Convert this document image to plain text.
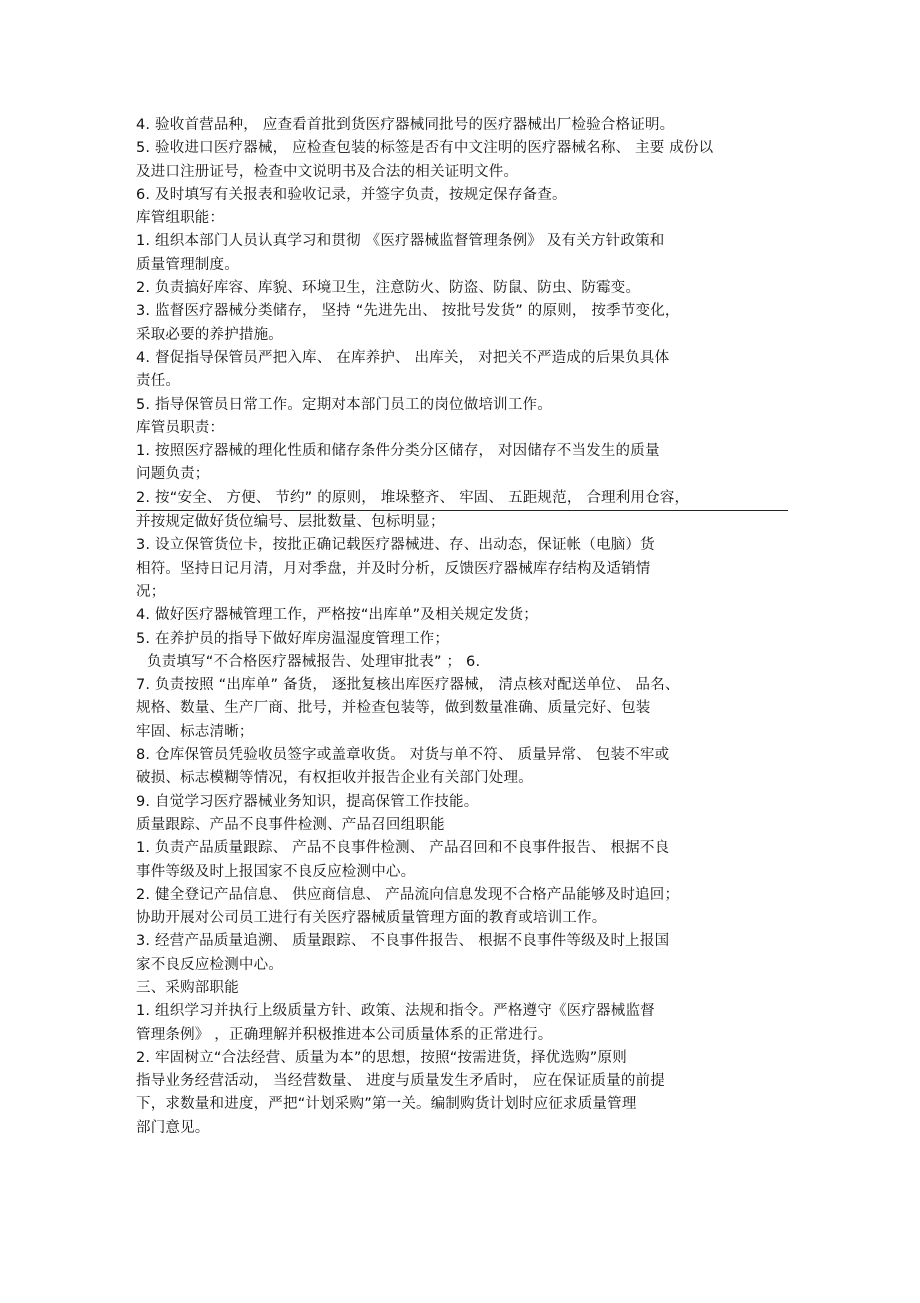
4. 验收首营品种， 应查看首批到货医疗器械同批号的医疗器械出厂检验合格证明。
5. 验收进口医疗器械， 应检查包装的标签是否有中文注明的医疗器械名称、 主要 成份以
及进口注册证号，检查中文说明书及合法的相关证明文件。
6. 及时填写有关报表和验收记录，并签字负责，按规定保存备查。
库管组职能：
1. 组织本部门人员认真学习和贯彻 《医疗器械监督管理条例》 及有关方针政策和
质量管理制度。
2. 负责搞好库容、库貌、环境卫生，注意防火、防盗、防鼠、防虫、防霉变。
3. 监督医疗器械分类储存， 坚持 “先进先出、 按批号发货” 的原则， 按季节变化，
采取必要的养护措施。
4. 督促指导保管员严把入库、 在库养护、 出库关， 对把关不严造成的后果负具体
责任。
5. 指导保管员日常工作。定期对本部门员工的岗位做培训工作。
库管员职责：
1. 按照医疗器械的理化性质和储存条件分类分区储存， 对因储存不当发生的质量
问题负责；
2. 按“安全、 方便、 节约” 的原则， 堆垛整齐、 牢固、 五距规范， 合理利用仓容，
并按规定做好货位编号、层批数量、包标明显；
3. 设立保管货位卡，按批正确记载医疗器械进、存、出动态，保证帐（电脑）货
相符。坚持日记月清，月对季盘，并及时分析，反馈医疗器械库存结构及适销情
况；
4. 做好医疗器械管理工作，严格按“出库单”及相关规定发货；
5. 在养护员的指导下做好库房温湿度管理工作；
负责填写“不合格医疗器械报告、处理审批表” ； 6.
7. 负责按照 “出库单” 备货， 逐批复核出库医疗器械， 清点核对配送单位、 品名、
规格、数量、生产厂商、批号，并检查包装等，做到数量准确、质量完好、包装
牢固、标志清晰；
8. 仓库保管员凭验收员签字或盖章收货。 对货与单不符、 质量异常、 包装不牢或
破损、标志模糊等情况，有权拒收并报告企业有关部门处理。
9. 自觉学习医疗器械业务知识，提高保管工作技能。
质量跟踪、产品不良事件检测、产品召回组职能
1. 负责产品质量跟踪、 产品不良事件检测、 产品召回和不良事件报告、 根据不良
事件等级及时上报国家不良反应检测中心。
2. 健全登记产品信息、 供应商信息、 产品流向信息发现不合格产品能够及时追回；
协助开展对公司员工进行有关医疗器械质量管理方面的教育或培训工作。
3. 经营产品质量追溯、 质量跟踪、 不良事件报告、 根据不良事件等级及时上报国
家不良反应检测中心。
三、采购部职能
1. 组织学习并执行上级质量方针、政策、法规和指令。严格遵守《医疗器械监督
管理条例》 ，正确理解并积极推进本公司质量体系的正常进行。
2. 牢固树立“合法经营、质量为本”的思想，按照“按需进货，择优选购”原则
指导业务经营活动， 当经营数量、 进度与质量发生矛盾时， 应在保证质量的前提
下，求数量和进度，严把“计划采购”第一关。编制购货计划时应征求质量管理
部门意见。
